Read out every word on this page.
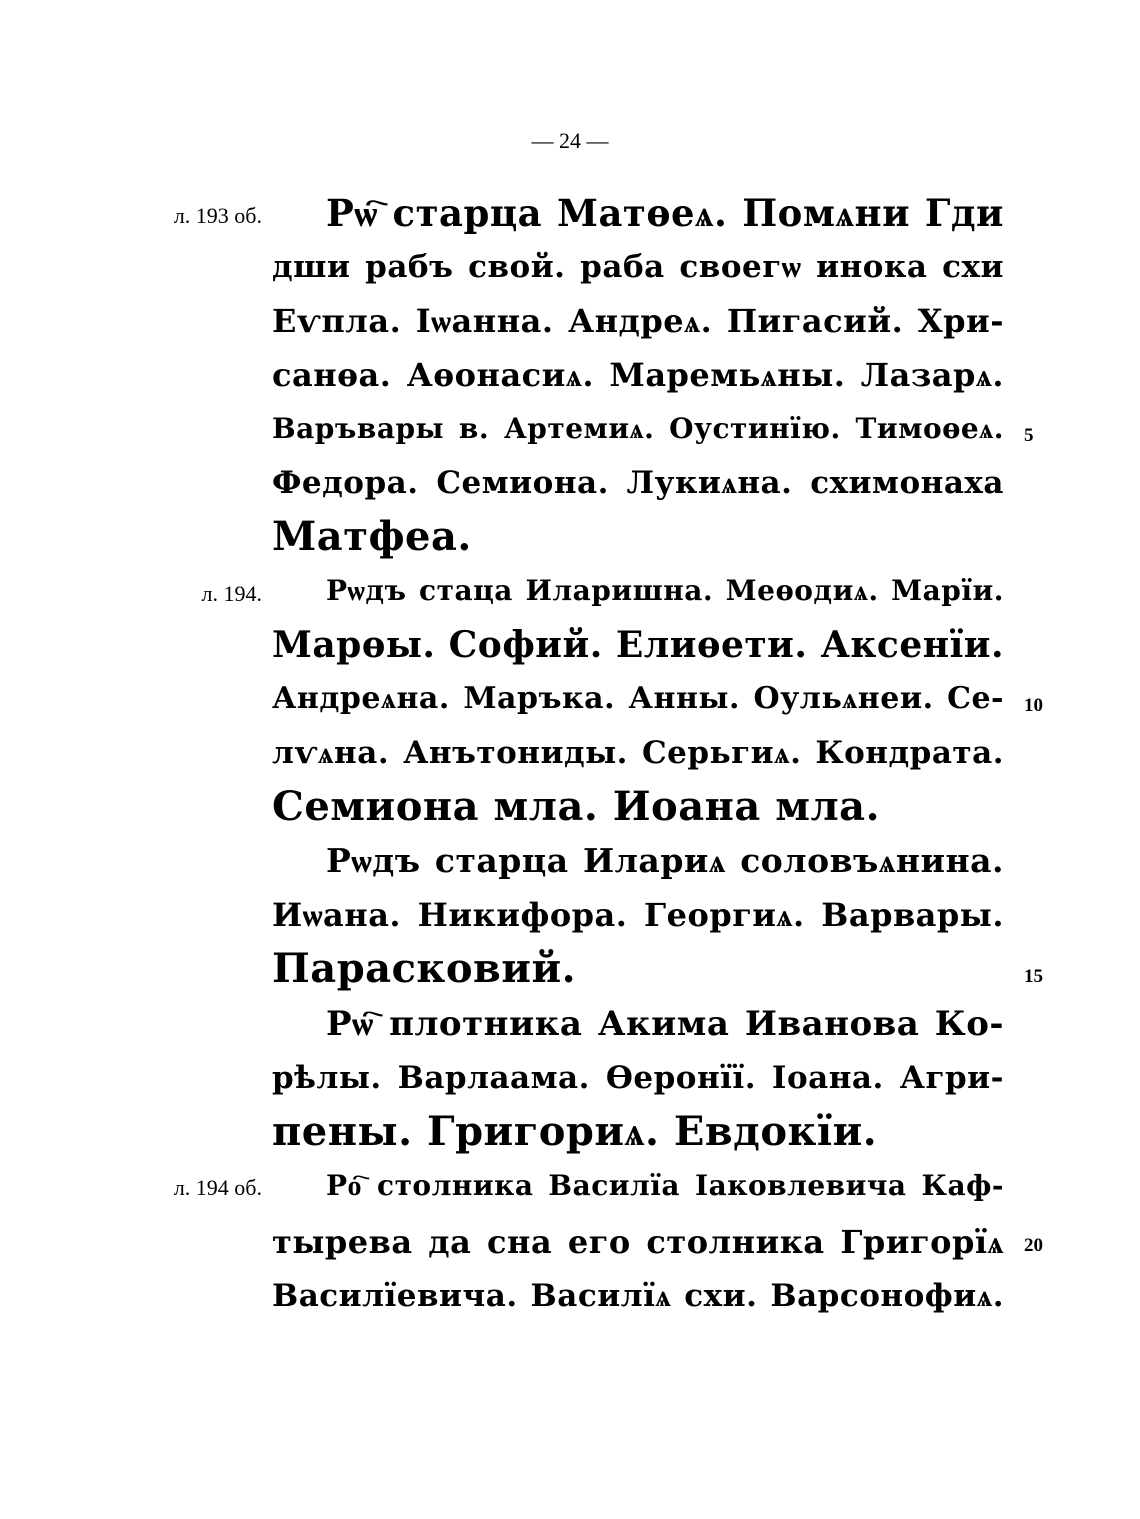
— 24 —
л. 193 об.
л. 194.
л. 194 об.
5
10
15
20
Рѡ҇ старца Матѳеѧ. Помѧни Гди
дши рабъ свой. раба своегѡ инока схи
Еѵпла. Іѡанна. Андреѧ. Пигасий. Хри-
санѳа. Аѳонасиѧ. Маремьѧны. Лазарѧ.
Варъвары в. Артемиѧ. Оустинїю. Тимоѳеѧ.
Федора. Семиона. Лукиѧна. схимонаха
Матфеа.
Рѡдъ стаца Иларишна. Меѳодиѧ. Марїи.
Марѳы. Софий. Елиѳети. Аксенїи.
Андреѧна. Маръка. Анны. Оульѧнеи. Се-
лѵѧна. Анътониды. Серьгиѧ. Кондрата.
Семиона мла. Иоана мла.
Рѡдъ старца Илариѧ соловъѧнина.
Иѡана. Никифора. Георгиѧ. Варвары.
Парасковий.
Рѡ҇ плотника Акима Иванова Ко-
рѣлы. Варлаама. Ѳеронїї. Іоана. Агри-
пены. Григориѧ. Евдокїи.
Ро҇ столника Василїа Іаковлевича Каф-
тырева да сна его столника Григорїѧ
Василїевича. Василїѧ схи. Варсонофиѧ.
